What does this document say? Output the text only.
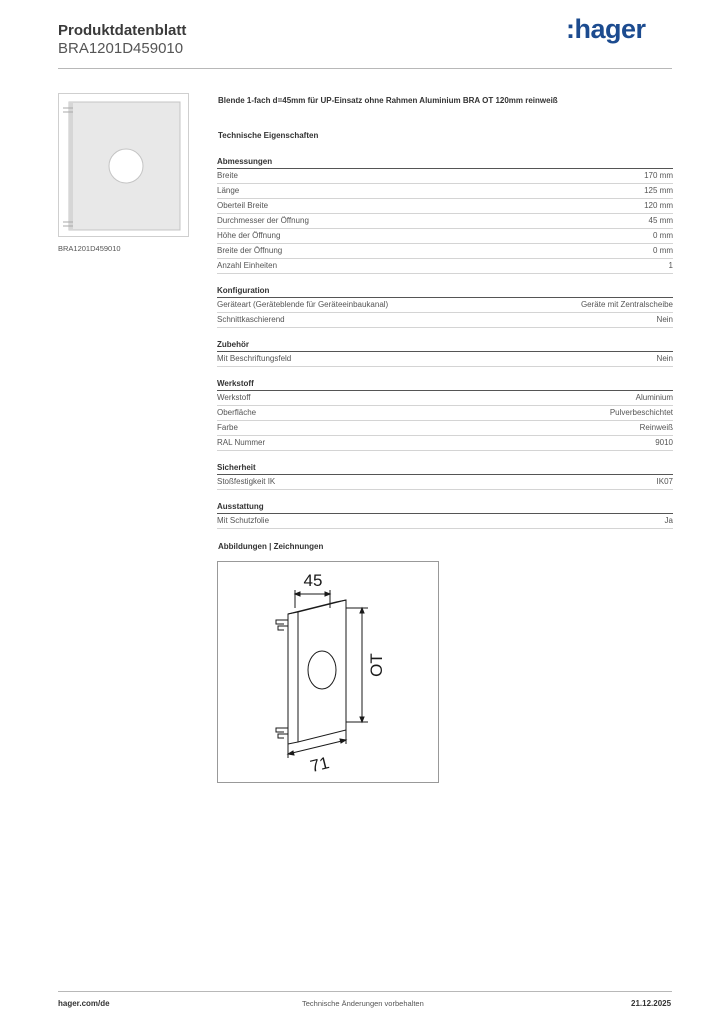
Produktdatenblatt
BRA1201D459010
:hager
BRA1201D459010
Blende 1-fach d=45mm für UP-Einsatz ohne Rahmen Aluminium BRA OT 120mm reinweiß
Technische Eigenschaften
Abmessungen
Breite	170 mm
Länge	125 mm
Oberteil Breite	120 mm
Durchmesser der Öffnung	45 mm
Höhe der Öffnung	0 mm
Breite der Öffnung	0 mm
Anzahl Einheiten	1
Konfiguration
Geräteart (Geräteblende für Geräteeinbaukanal)	Geräte mit Zentralscheibe
Schnittkaschierend	Nein
Zubehör
Mit Beschriftungsfeld	Nein
Werkstoff
Werkstoff	Aluminium
Oberfläche	Pulverbeschichtet
Farbe	Reinweiß
RAL Nummer	9010
Sicherheit
Stoßfestigkeit IK	IK07
Ausstattung
Mit Schutzfolie	Ja
Abbildungen | Zeichnungen
45
OT
71
hager.com/de	Technische Änderungen vorbehalten	21.12.2025
